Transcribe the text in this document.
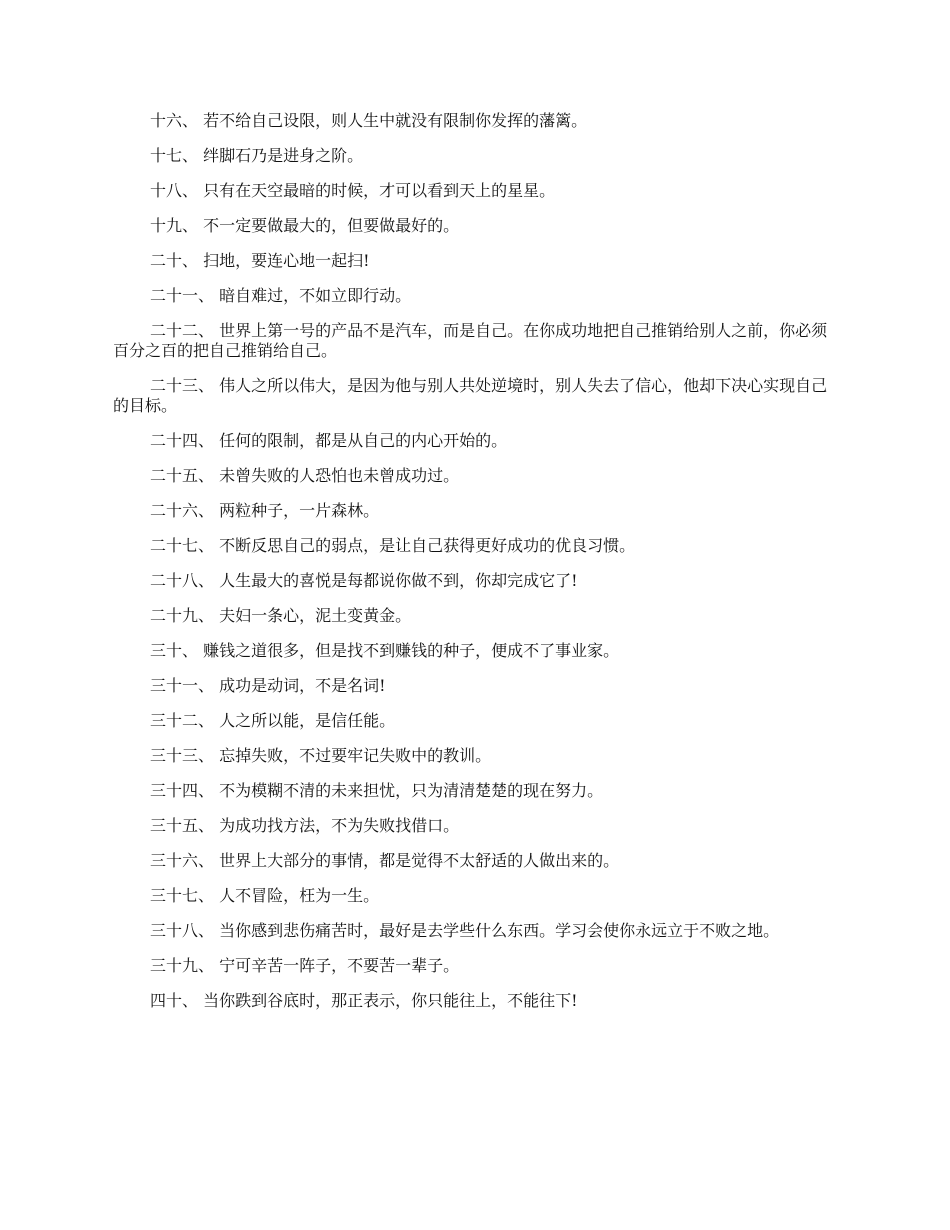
十六、 若不给自己设限，则人生中就没有限制你发挥的藩篱。

十七、 绊脚石乃是进身之阶。

十八、 只有在天空最暗的时候，才可以看到天上的星星。

十九、 不一定要做最大的，但要做最好的。

二十、 扫地，要连心地一起扫!

二十一、 暗自难过，不如立即行动。

二十二、 世界上第一号的产品不是汽车，而是自己。在你成功地把自己推销给别人之前，你必须百分之百的把自己推销给自己。

二十三、 伟人之所以伟大，是因为他与别人共处逆境时，别人失去了信心，他却下决心实现自己的目标。

二十四、 任何的限制，都是从自己的内心开始的。

二十五、 未曾失败的人恐怕也未曾成功过。

二十六、 两粒种子，一片森林。

二十七、 不断反思自己的弱点，是让自己获得更好成功的优良习惯。

二十八、 人生最大的喜悦是每都说你做不到，你却完成它了!

二十九、 夫妇一条心，泥土变黄金。

三十、 赚钱之道很多，但是找不到赚钱的种子，便成不了事业家。

三十一、 成功是动词，不是名词!

三十二、 人之所以能，是信任能。

三十三、 忘掉失败，不过要牢记失败中的教训。

三十四、 不为模糊不清的未来担忧，只为清清楚楚的现在努力。

三十五、 为成功找方法，不为失败找借口。

三十六、 世界上大部分的事情，都是觉得不太舒适的人做出来的。

三十七、 人不冒险，枉为一生。

三十八、 当你感到悲伤痛苦时，最好是去学些什么东西。学习会使你永远立于不败之地。

三十九、 宁可辛苦一阵子，不要苦一辈子。

四十、 当你跌到谷底时，那正表示，你只能往上，不能往下!
